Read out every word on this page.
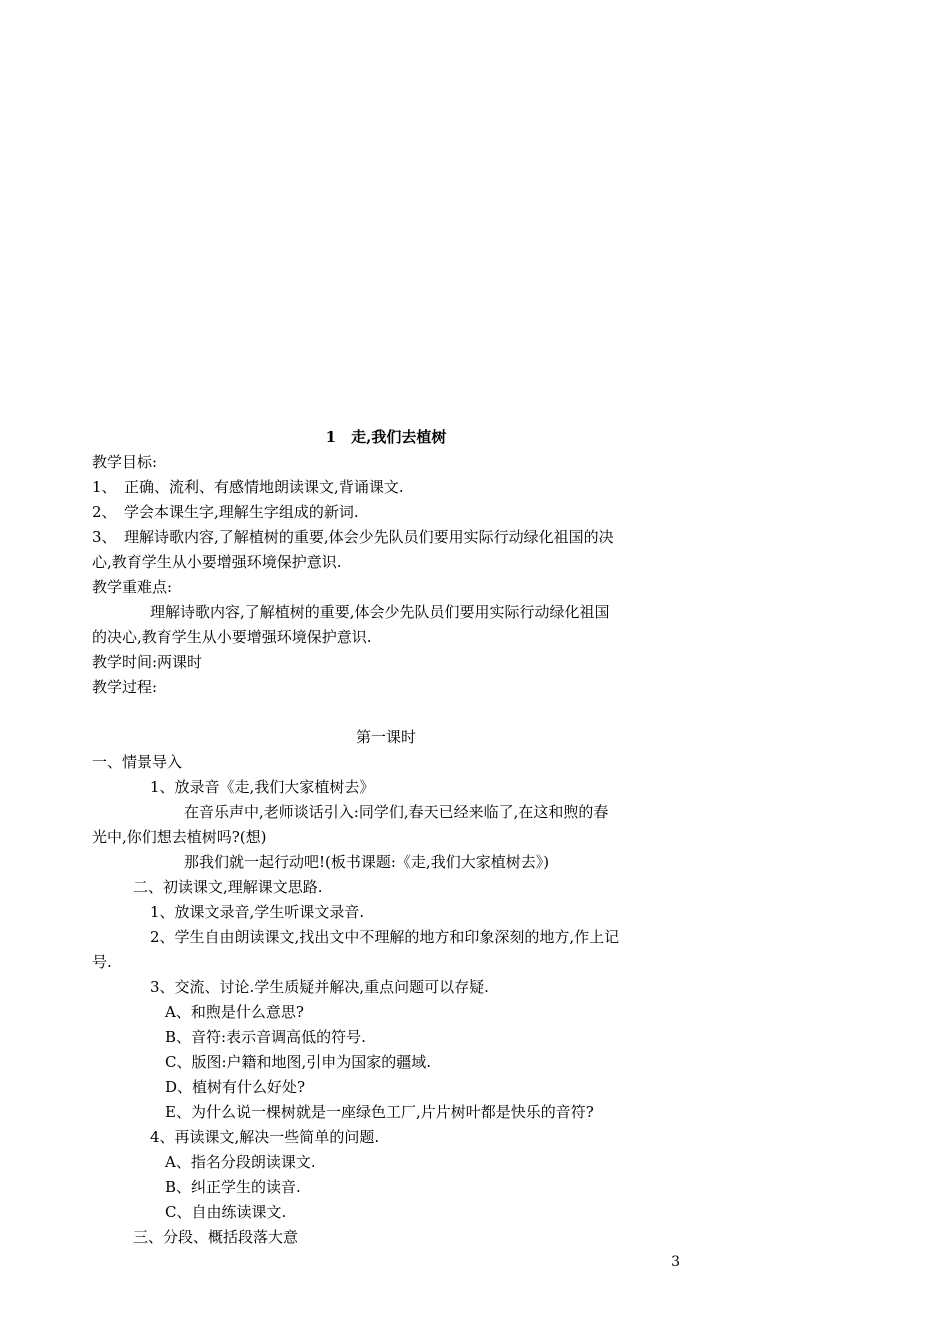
1　走,我们去植树
教学目标:
1、　正确、流利、有感情地朗读课文,背诵课文.
2、　学会本课生字,理解生字组成的新词.
3、　理解诗歌内容,了解植树的重要,体会少先队员们要用实际行动绿化祖国的决
心,教育学生从小要增强环境保护意识.
教学重难点:
理解诗歌内容,了解植树的重要,体会少先队员们要用实际行动绿化祖国
的决心,教育学生从小要增强环境保护意识.
教学时间:两课时
教学过程:
第一课时
一、情景导入
1、放录音《走,我们大家植树去》
在音乐声中,老师谈话引入:同学们,春天已经来临了,在这和煦的春
光中,你们想去植树吗?(想)
那我们就一起行动吧!(板书课题:《走,我们大家植树去》)
二、初读课文,理解课文思路.
1、放课文录音,学生听课文录音.
2、学生自由朗读课文,找出文中不理解的地方和印象深刻的地方,作上记
号.
3、交流、讨论.学生质疑并解决,重点问题可以存疑.
A、和煦是什么意思?
B、音符:表示音调高低的符号.
C、版图:户籍和地图,引申为国家的疆域.
D、植树有什么好处?
E、为什么说一棵树就是一座绿色工厂,片片树叶都是快乐的音符?
4、再读课文,解决一些简单的问题.
A、指名分段朗读课文.
B、纠正学生的读音.
C、自由练读课文.
三、分段、概括段落大意
3
